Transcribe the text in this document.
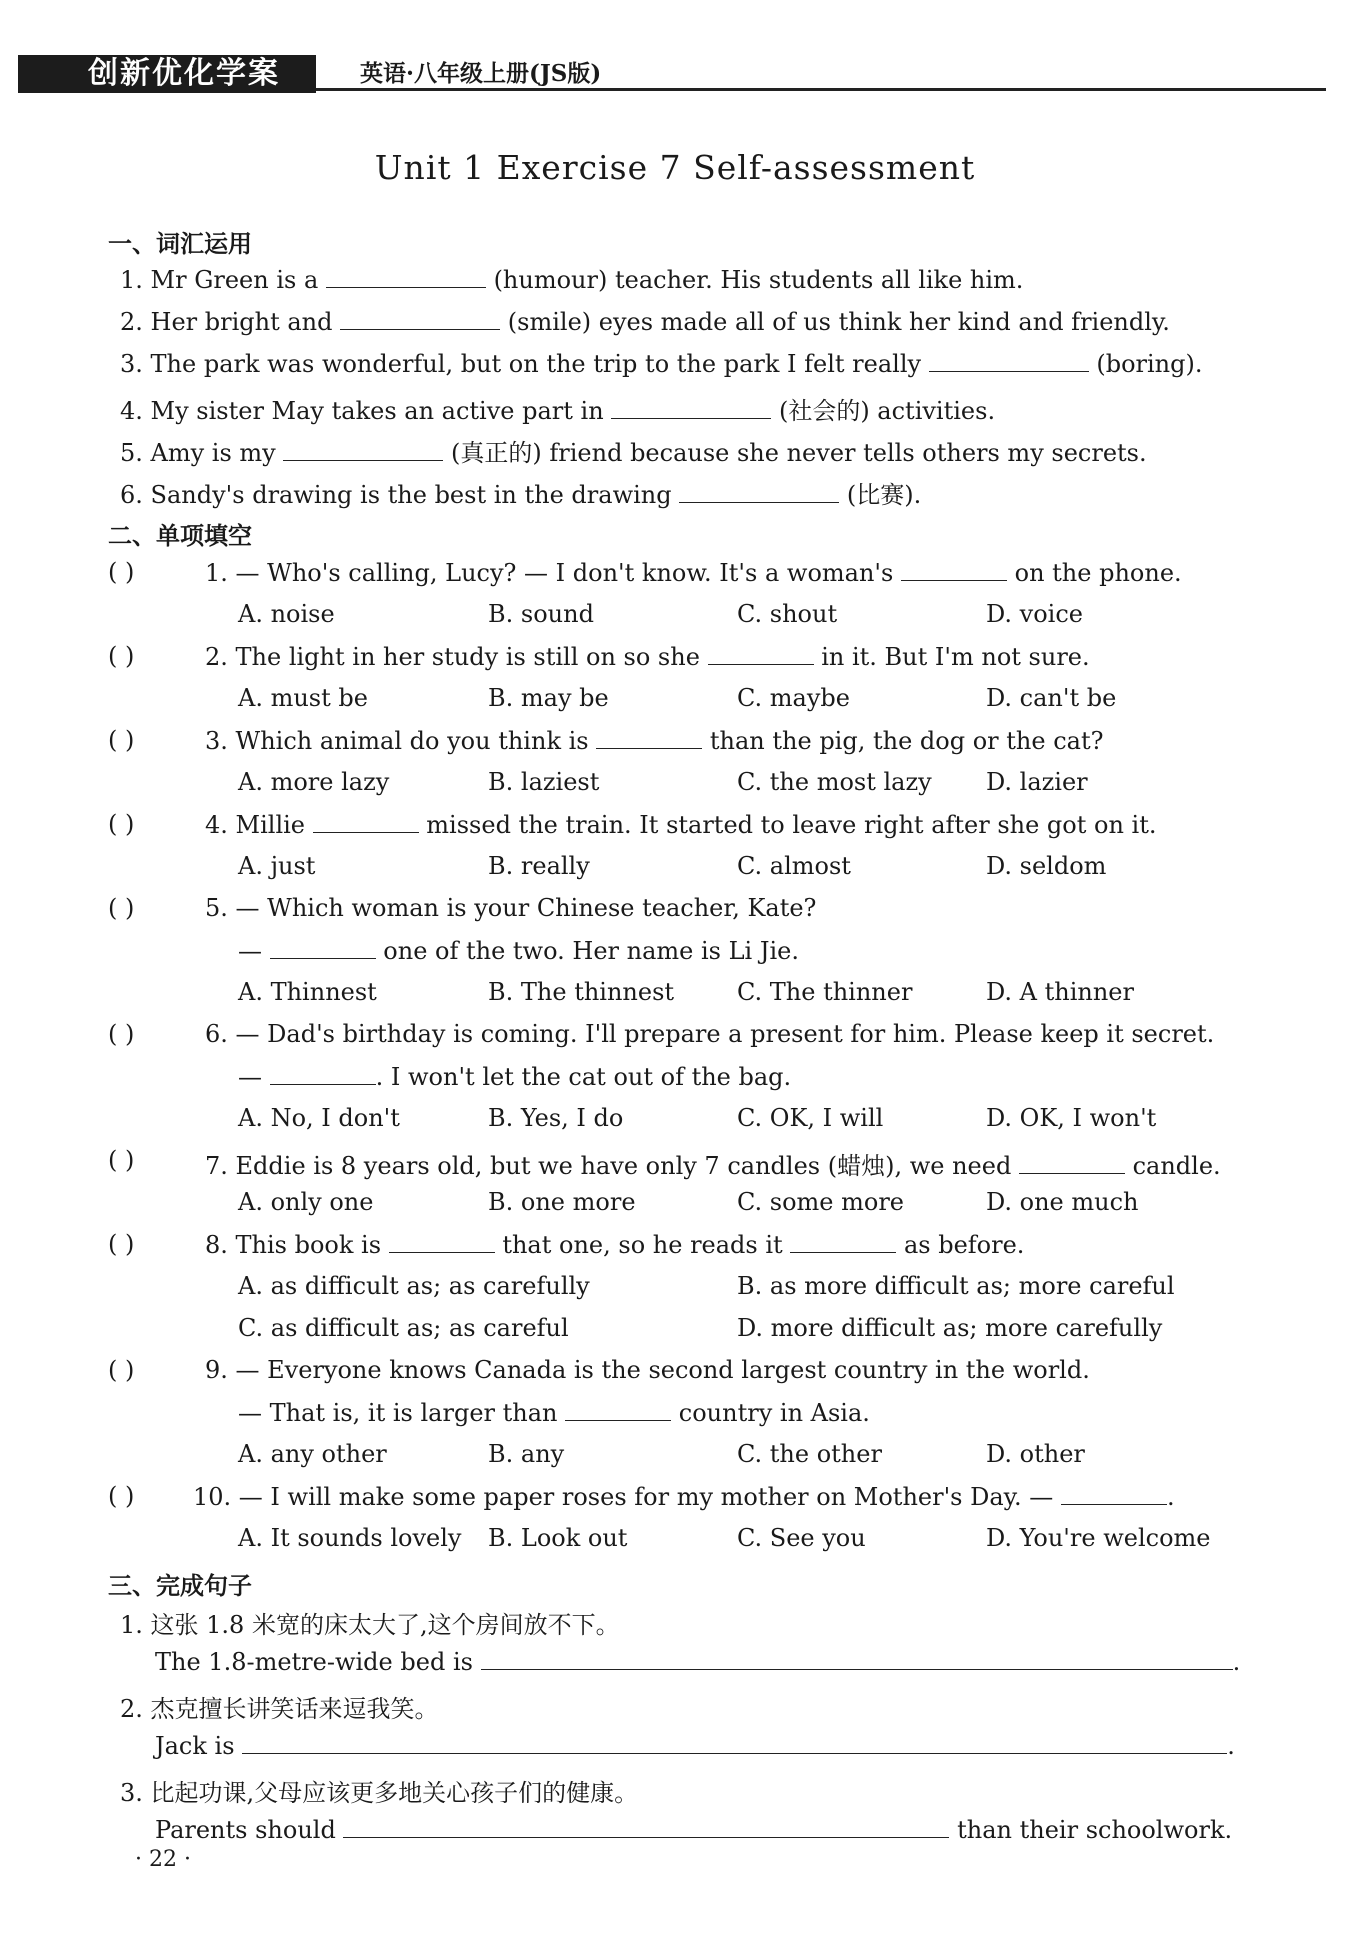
创新优化学案	英语·八年级上册(JS版)
Unit 1 Exercise 7 Self-assessment
一、词汇运用
1. Mr Green is a	(humour) teacher. His students all like him.
2. Her bright and	(smile) eyes made all of us think her kind and friendly.
3. The park was wonderful, but on the trip to the park I felt really	(boring).
4. My sister May takes an active part in	(社会的) activities.
5. Amy is my	(真正的) friend because she never tells others my secrets.
6. Sandy's drawing is the best in the drawing	(比赛).
二、单项填空
( )	1. — Who's calling, Lucy? — I don't know. It's a woman's	on the phone.
A. noise	B. sound	C. shout	D. voice
( )	2. The light in her study is still on so she	in it. But I'm not sure.
A. must be	B. may be	C. maybe	D. can't be
( )	3. Which animal do you think is	than the pig, the dog or the cat?
A. more lazy	B. laziest	C. the most lazy D. lazier
( )	4. Millie	missed the train. It started to leave right after she got on it.
A. just	B. really	C. almost	D. seldom
( )	5. — Which woman is your Chinese teacher, Kate?
—	one of the two. Her name is Li Jie.
A. Thinnest	B. The thinnest	C. The thinner	D. A thinner
( )	6. — Dad's birthday is coming. I'll prepare a present for him. Please keep it secret.
—	. I won't let the cat out of the bag.
A. No, I don't	B. Yes, I do	C. OK, I will	D. OK, I won't
( )	7. Eddie is 8 years old, but we have only 7 candles (蜡烛), we need	candle.
A. only one	B. one more	C. some more	D. one much
( )	8. This book is	that one, so he reads it	as before.
A. as difficult as; as carefully	B. as more difficult as; more careful
C. as difficult as; as careful	D. more difficult as; more carefully
( )	9. — Everyone knows Canada is the second largest country in the world.
— That is, it is larger than	country in Asia.
A. any other	B. any	C. the other	D. other
( ) 10. — I will make some paper roses for my mother on Mother's Day. —	.
A. It sounds lovely B. Look out	C. See you	D. You're welcome
三、完成句子
1. 这张 1.8 米宽的床太大了,这个房间放不下。
The 1.8-metre-wide bed is	.
2. 杰克擅长讲笑话来逗我笑。
Jack is	.
3. 比起功课,父母应该更多地关心孩子们的健康。
Parents should	than their schoolwork.
· 22 ·
